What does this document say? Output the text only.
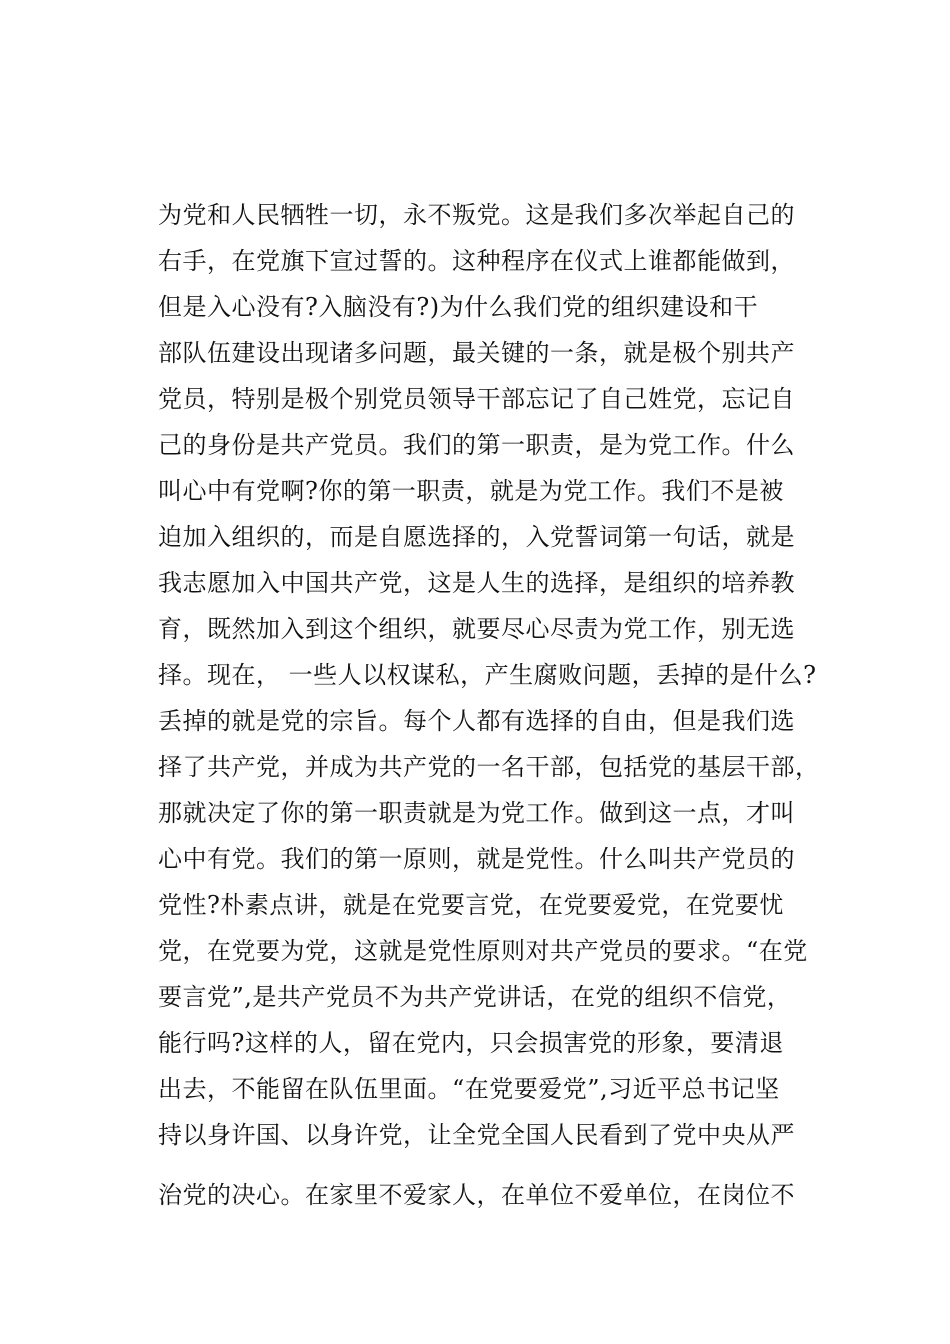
为党和人民牺牲一切，永不叛党。这是我们多次举起自己的
右手，在党旗下宣过誓的。这种程序在仪式上谁都能做到，
但是入心没有?入脑没有?)为什么我们党的组织建设和干
部队伍建设出现诸多问题，最关键的一条，就是极个别共产
党员，特别是极个别党员领导干部忘记了自己姓党，忘记自
己的身份是共产党员。我们的第一职责，是为党工作。什么
叫心中有党啊?你的第一职责，就是为党工作。我们不是被
迫加入组织的，而是自愿选择的，入党誓词第一句话，就是
我志愿加入中国共产党，这是人生的选择，是组织的培养教
育，既然加入到这个组织，就要尽心尽责为党工作，别无选
择。现在， 一些人以权谋私，产生腐败问题，丢掉的是什么?
丢掉的就是党的宗旨。每个人都有选择的自由，但是我们选
择了共产党，并成为共产党的一名干部，包括党的基层干部，
那就决定了你的第一职责就是为党工作。做到这一点，才叫
心中有党。我们的第一原则，就是党性。什么叫共产党员的
党性?朴素点讲，就是在党要言党，在党要爱党，在党要忧
党，在党要为党，这就是党性原则对共产党员的要求。“在党
要言党”,是共产党员不为共产党讲话，在党的组织不信党，
能行吗?这样的人，留在党内，只会损害党的形象，要清退
出去，不能留在队伍里面。“在党要爱党”,习近平总书记坚
持以身许国、以身许党，让全党全国人民看到了党中央从严
治党的决心。在家里不爱家人，在单位不爱单位，在岗位不
